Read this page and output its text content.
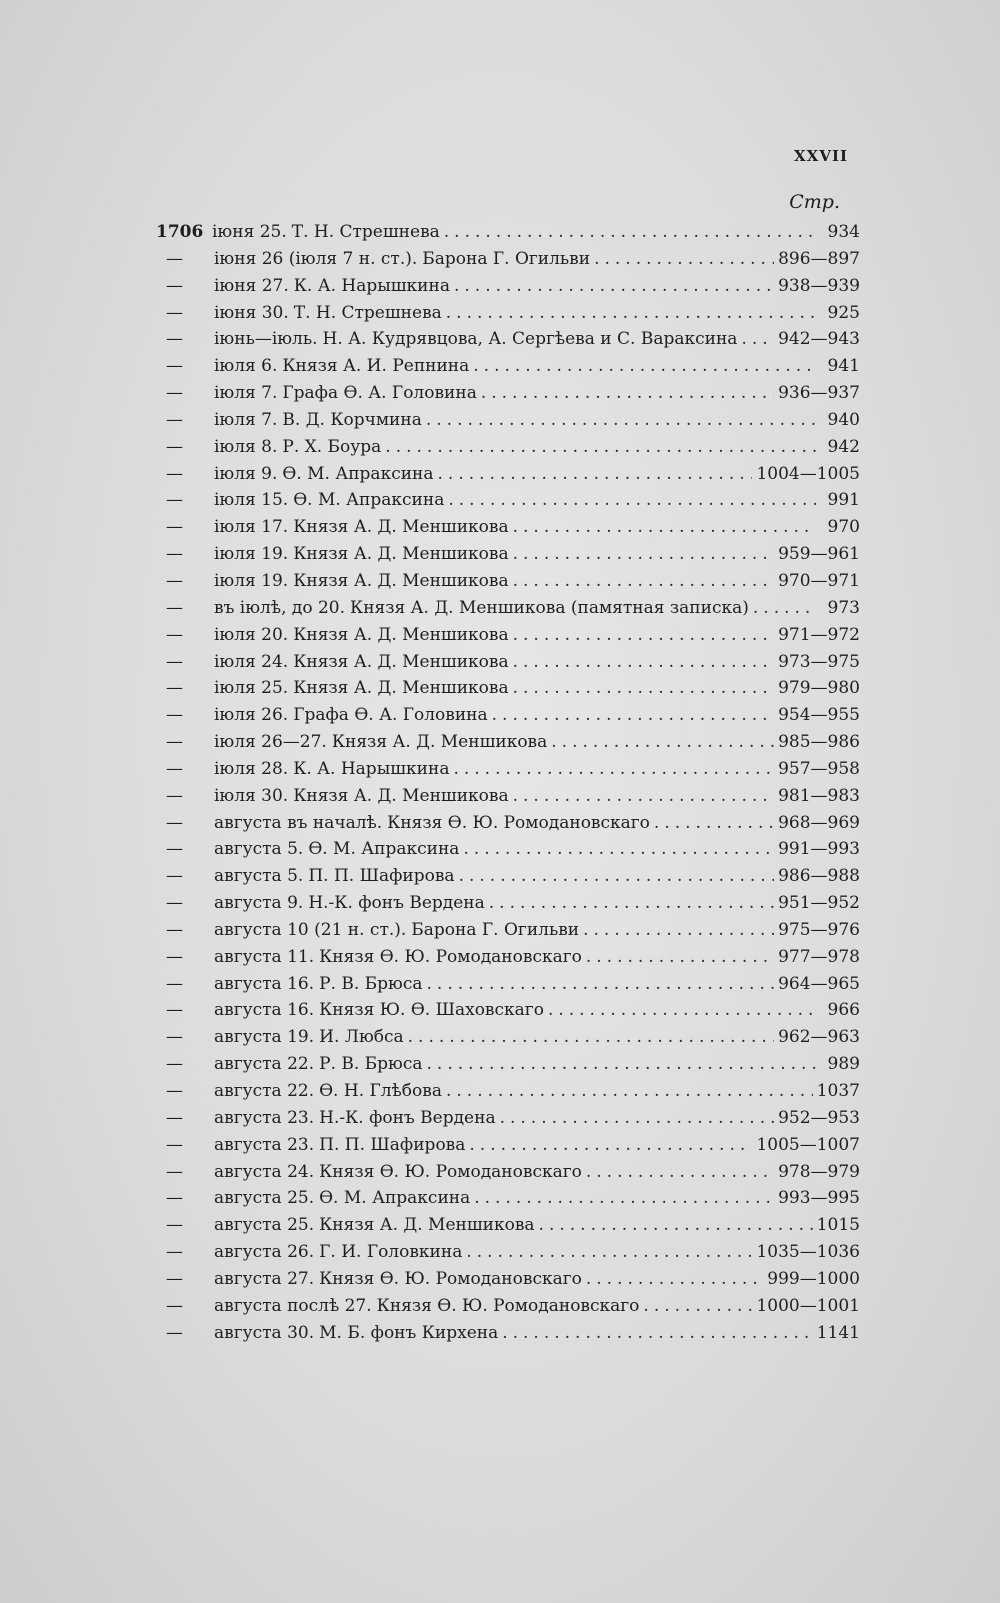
XXVII
Стр.
1706 іюня 25. Т. Н. Стрешнева .....	934
—	іюня 26 (іюля 7 н. ст.). Барона Г. Огильви .....	896—897
—	іюня 27. К. А. Нарышкина .....	938—939
—	іюня 30. Т. Н. Стрешнева .....	925
—	іюнь—іюль. Н. А. Кудрявцова, А. Сергѣева и С. Вараксина ..... 942—943
—	іюля 6. Князя А. И. Репнина .....	941
—	іюля 7. Графа Ѳ. А. Головина .....	936—937
—	іюля 7. В. Д. Корчмина .....	940
—	іюля 8. Р. Х. Боура .....	942
—	іюля 9. Ѳ. М. Апраксина .....	1004—1005
—	іюля 15. Ѳ. М. Апраксина .....	991
—	іюля 17. Князя А. Д. Меншикова .....	970
—	іюля 19. Князя А. Д. Меншикова .....	959—961
—	іюля 19. Князя А. Д. Меншикова .....	970—971
—	въ іюлѣ, до 20. Князя А. Д. Меншикова (памятная записка) .....	973
—	іюля 20. Князя А. Д. Меншикова .....	971—972
—	іюля 24. Князя А. Д. Меншикова .....	973—975
—	іюля 25. Князя А. Д. Меншикова .....	979—980
—	іюля 26. Графа Ѳ. А. Головина .....	954—955
—	іюля 26—27. Князя А. Д. Меншикова .....	985—986
—	іюля 28. К. А. Нарышкина .....	957—958
—	іюля 30. Князя А. Д. Меншикова .....	981—983
—	августа въ началѣ. Князя Ѳ. Ю. Ромодановскаго .....	968—969
—	августа 5. Ѳ. М. Апраксина .....	991—993
—	августа 5. П. П. Шафирова .....	986—988
—	августа 9. Н.-К. фонъ Вердена .....	951—952
—	августа 10 (21 н. ст.). Барона Г. Огильви .....	975—976
—	августа 11. Князя Ѳ. Ю. Ромодановскаго .....	977—978
—	августа 16. Р. В. Брюса .....	964—965
—	августа 16. Князя Ю. Ѳ. Шаховскаго .....	966
—	августа 19. И. Любса .....	962—963
—	августа 22. Р. В. Брюса .....	989
—	августа 22. Ѳ. Н. Глѣбова .....	1037
—	августа 23. Н.-К. фонъ Вердена .....	952—953
—	августа 23. П. П. Шафирова .....	1005—1007
—	августа 24. Князя Ѳ. Ю. Ромодановскаго .....	978—979
—	августа 25. Ѳ. М. Апраксина .....	993—995
—	августа 25. Князя А. Д. Меншикова .....	1015
—	августа 26. Г. И. Головкина .....	1035—1036
—	августа 27. Князя Ѳ. Ю. Ромодановскаго .....	999—1000
—	августа послѣ 27. Князя Ѳ. Ю. Ромодановскаго .....	1000—1001
—	августа 30. М. Б. фонъ Кирхена .....	1141
